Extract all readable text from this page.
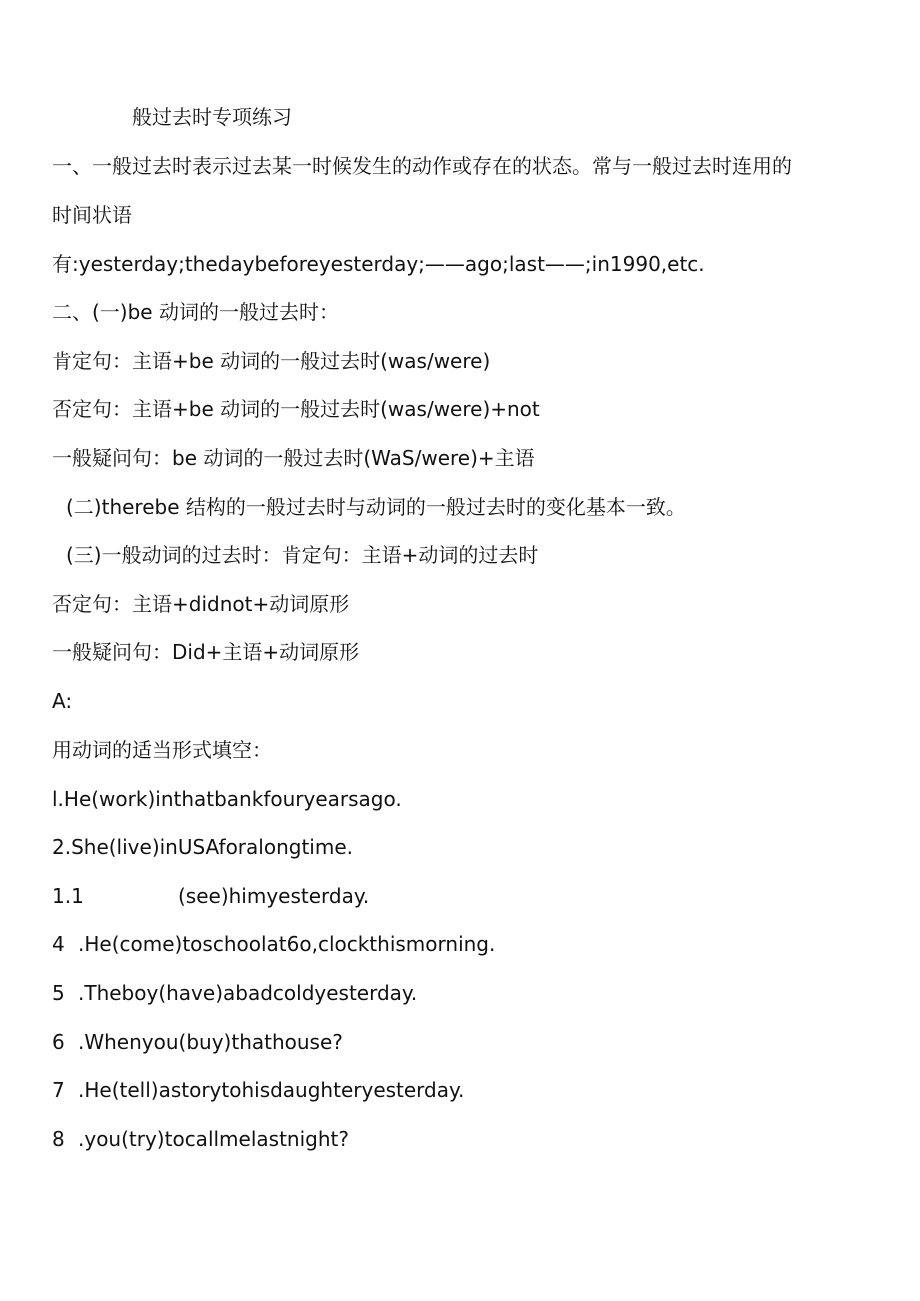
般过去时专项练习
一、一般过去时表示过去某一时候发生的动作或存在的状态。常与一般过去时连用的
时间状语
有:yesterday;thedaybeforeyesterday;——ago;last——;in1990,etc.
二、(一)be 动词的一般过去时：
肯定句：主语+be 动词的一般过去时(was/were)
否定句：主语+be 动词的一般过去时(was/were)+not
一般疑问句：be 动词的一般过去时(WaS/were)+主语
(二)therebe 结构的一般过去时与动词的一般过去时的变化基本一致。
(三)一般动词的过去时：肯定句：主语+动词的过去时
否定句：主语+didnot+动词原形
一般疑问句：Did+主语+动词原形
A:
用动词的适当形式填空：
l.He(work)inthatbankfouryearsago.
2.She(live)inUSAforalongtime.
1.1	(see)himyesterday.
4 .He(come)toschoolat6o,clockthismorning.
5 .Theboy(have)abadcoldyesterday.
6 .Whenyou(buy)thathouse?
7 .He(tell)astorytohisdaughteryesterday.
8 .you(try)tocallmelastnight?
